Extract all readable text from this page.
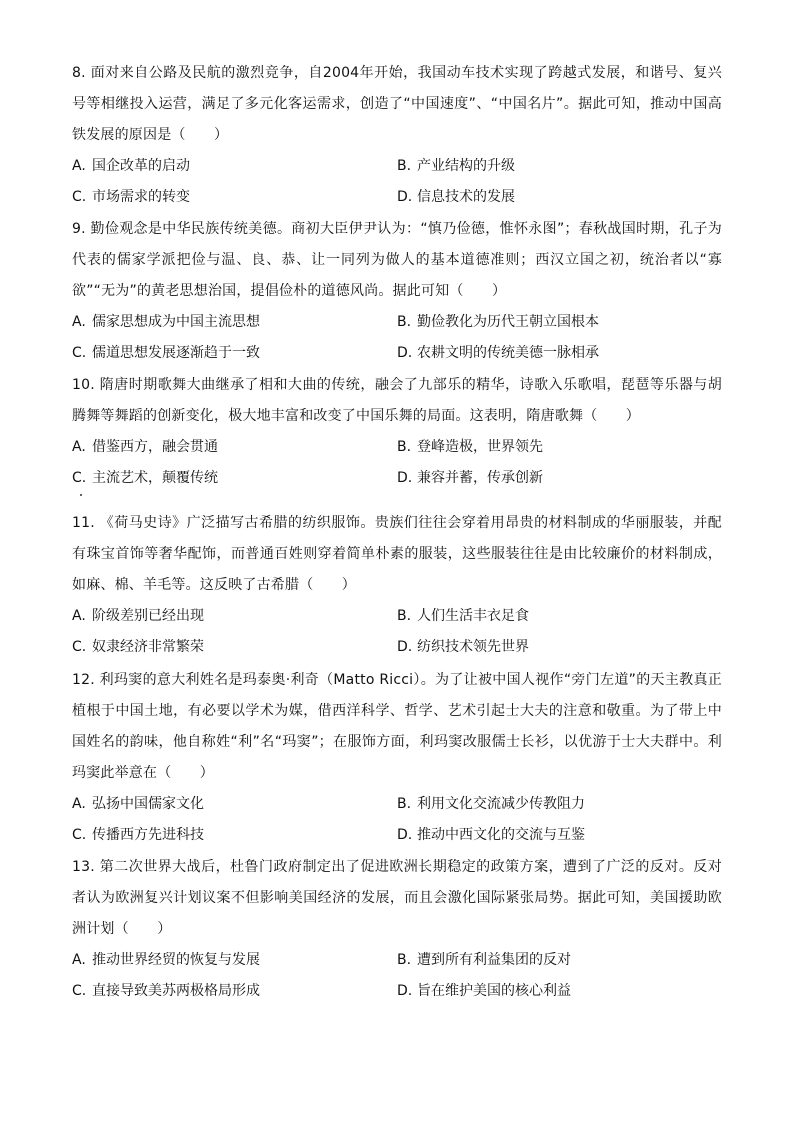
8. 面对来自公路及民航的激烈竞争，自2004年开始，我国动车技术实现了跨越式发展，和谐号、复兴号等相继投入运营，满足了多元化客运需求，创造了“中国速度”、“中国名片”。据此可知，推动中国高铁发展的原因是（　　）

A. 国企改革的启动	B. 产业结构的升级
C. 市场需求的转变	D. 信息技术的发展

9. 勤俭观念是中华民族传统美德。商初大臣伊尹认为：“慎乃俭德，惟怀永图”；春秋战国时期，孔子为代表的儒家学派把俭与温、良、恭、让一同列为做人的基本道德准则；西汉立国之初，统治者以“寡欲”“无为”的黄老思想治国，提倡俭朴的道德风尚。据此可知（　　）

A. 儒家思想成为中国主流思想	B. 勤俭教化为历代王朝立国根本
C. 儒道思想发展逐渐趋于一致	D. 农耕文明的传统美德一脉相承

10. 隋唐时期歌舞大曲继承了相和大曲的传统，融会了九部乐的精华，诗歌入乐歌唱，琵琶等乐器与胡腾舞等舞蹈的创新变化，极大地丰富和改变了中国乐舞的局面。这表明，隋唐歌舞（　　）

A. 借鉴西方，融会贯通	B. 登峰造极，世界领先
C. 主流艺术，颠覆传统	D. 兼容并蓄，传承创新

11. 《荷马史诗》广泛描写古希腊的纺织服饰。贵族们往往会穿着用昂贵的材料制成的华丽服装，并配有珠宝首饰等奢华配饰，而普通百姓则穿着简单朴素的服装，这些服装往往是由比较廉价的材料制成，如麻、棉、羊毛等。这反映了古希腊（　　）

A. 阶级差别已经出现	B. 人们生活丰衣足食
C. 奴隶经济非常繁荣	D. 纺织技术领先世界

12. 利玛窦的意大利姓名是玛泰奥·利奇（Matto Ricci）。为了让被中国人视作“旁门左道”的天主教真正植根于中国土地，有必要以学术为媒，借西洋科学、哲学、艺术引起士大夫的注意和敬重。为了带上中国姓名的韵味，他自称姓“利”名“玛窦”；在服饰方面，利玛窦改服儒士长衫，以优游于士大夫群中。利玛窦此举意在（　　）

A. 弘扬中国儒家文化	B. 利用文化交流减少传教阻力
C. 传播西方先进科技	D. 推动中西文化的交流与互鉴

13. 第二次世界大战后，杜鲁门政府制定出了促进欧洲长期稳定的政策方案，遭到了广泛的反对。反对者认为欧洲复兴计划议案不但影响美国经济的发展，而且会激化国际紧张局势。据此可知，美国援助欧洲计划（　　）

A. 推动世界经贸的恢复与发展	B. 遭到所有利益集团的反对
C. 直接导致美苏两极格局形成	D. 旨在维护美国的核心利益
